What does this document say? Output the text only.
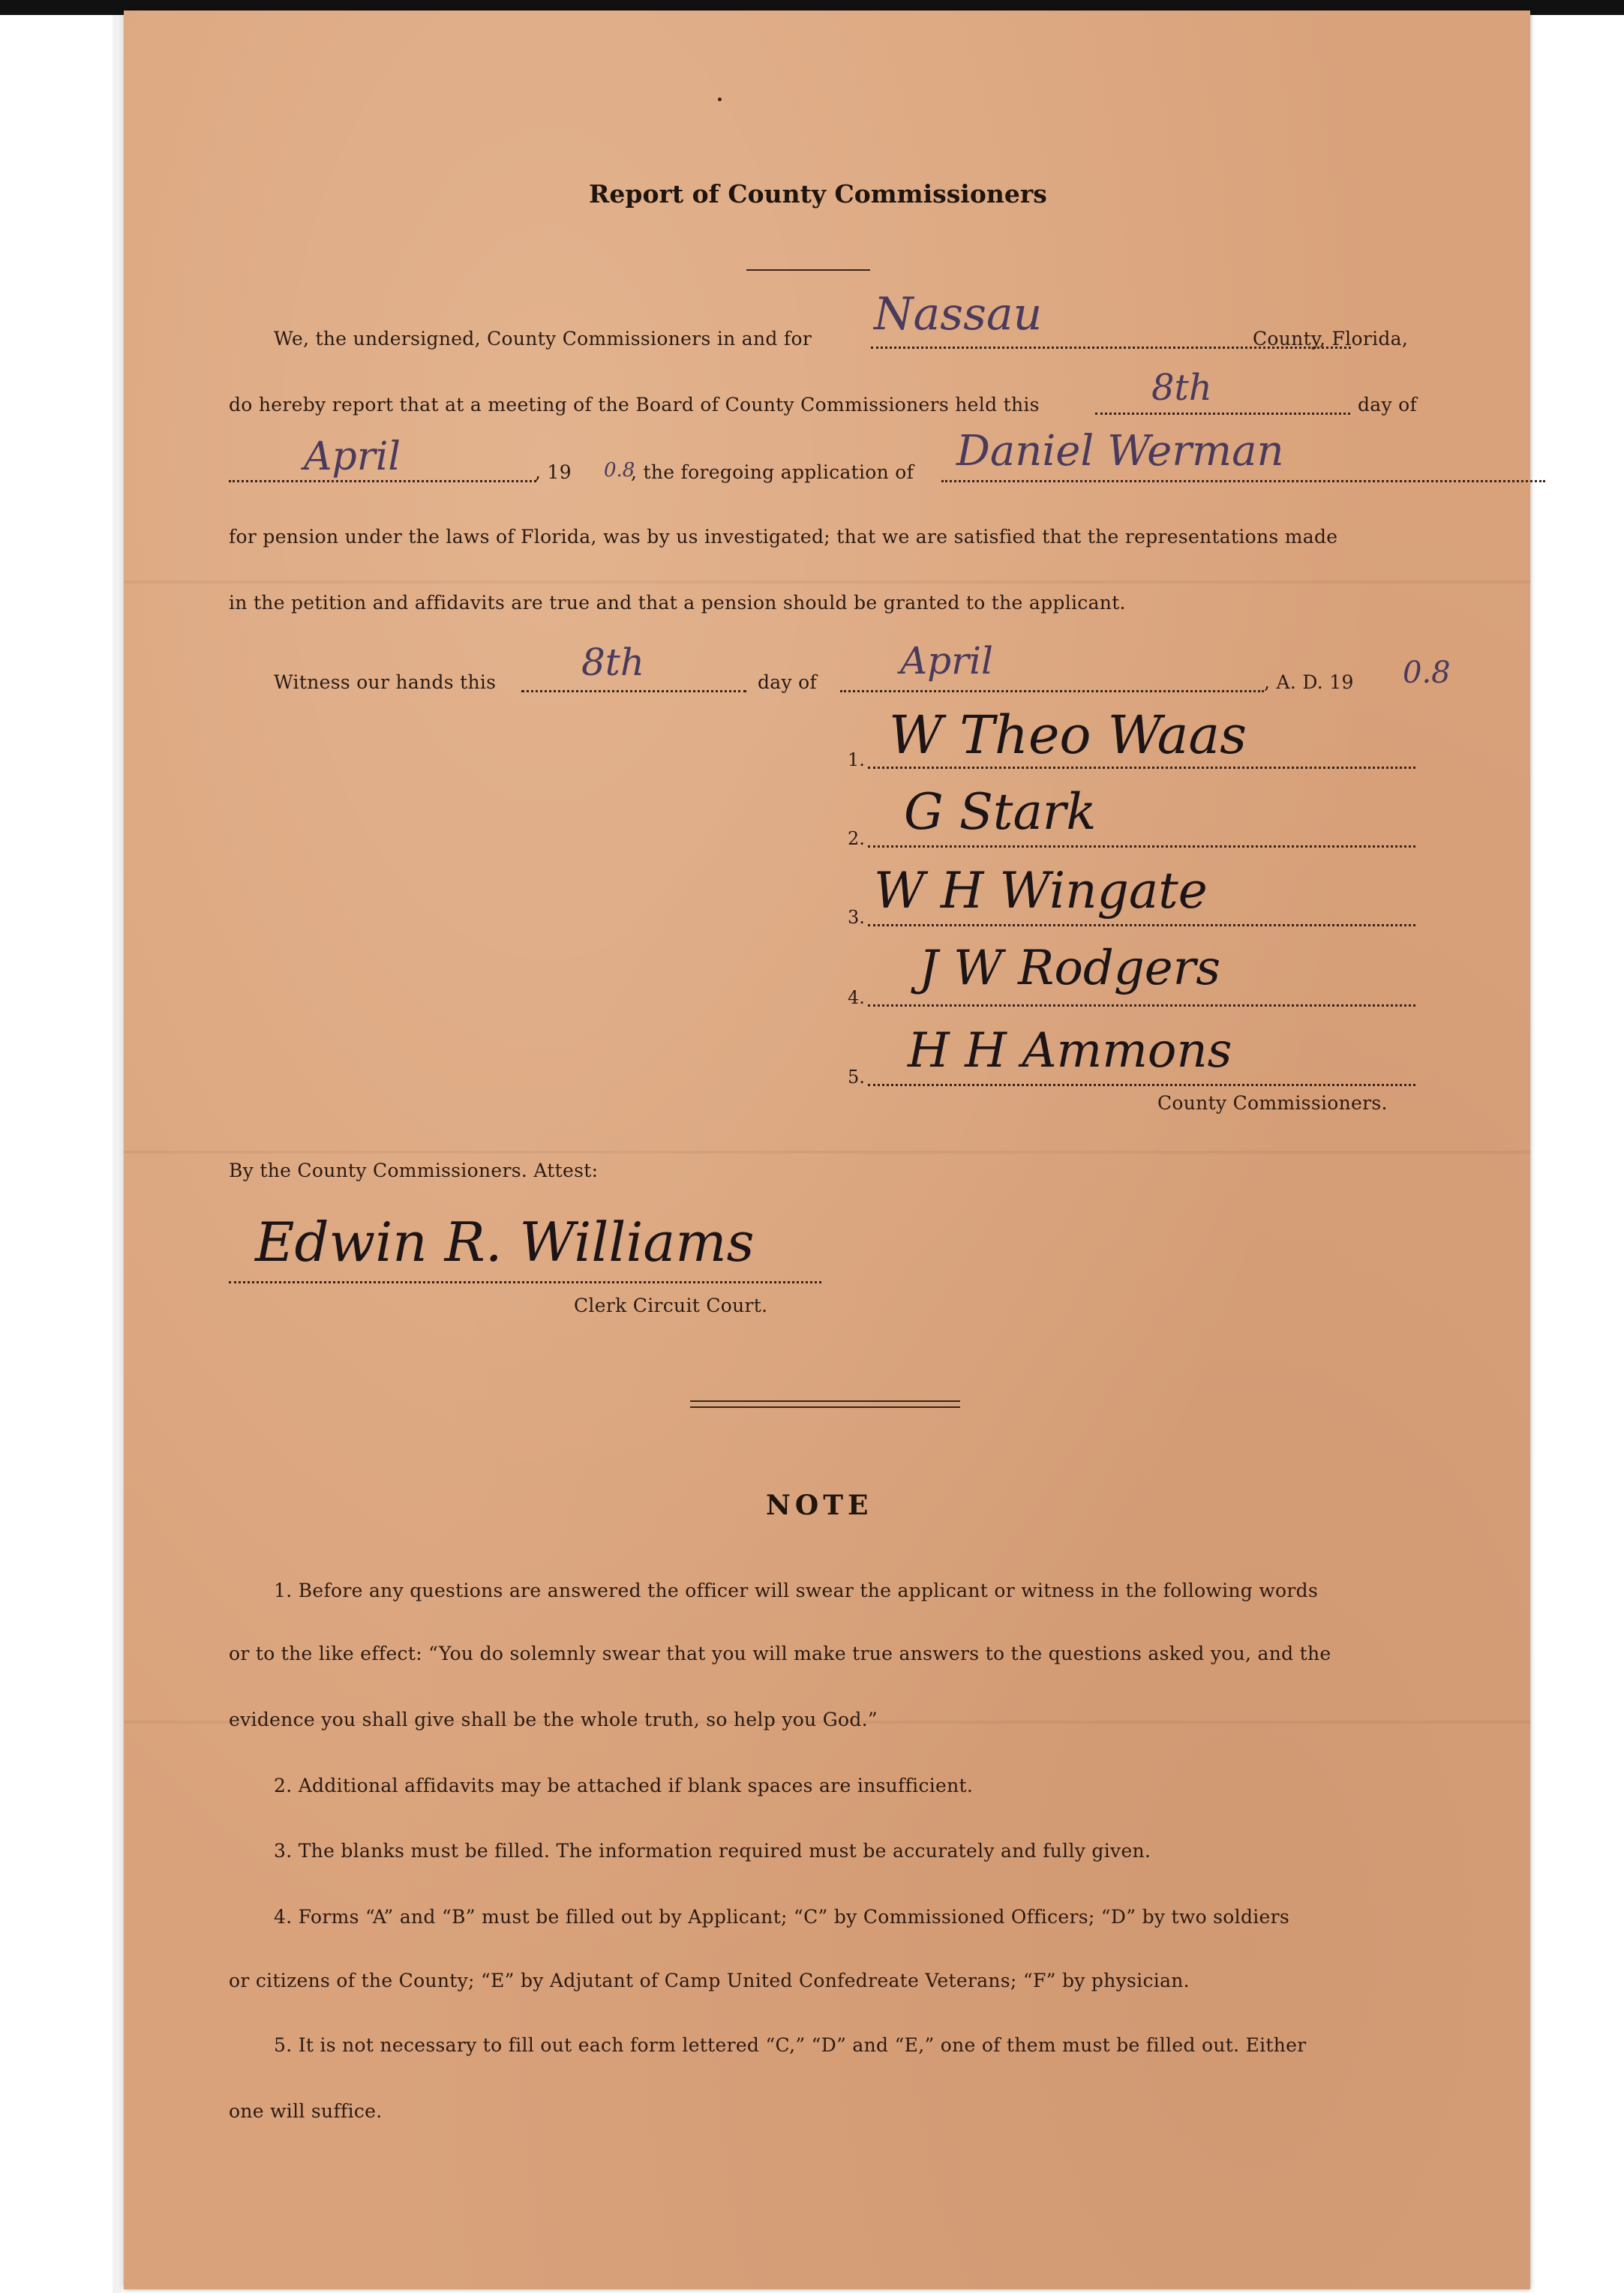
Report of County Commissioners
We, the undersigned, County Commissioners in and for Nassau	County, Florida,
do hereby report that at a meeting of the Board of County Commissioners held this	8th	day of
April	, 19 0.8
, the foregoing application of Daniel Werman
for pension under the laws of Florida, was by us investigated; that we are satisfied that the representations made
in the petition and affidavits are true and that a pension should be granted to the applicant.
Witness our hands this 8th	day of April	, A. D. 19 0.8
1. W Theo Waas
2. G Stark
3. W H Wingate
4.
J W Rodgers
5. H H Ammons
County Commissioners.
By the County Commissioners. Attest:
Edwin R. Williams
Clerk Circuit Court.
NOTE
1. Before any questions are answered the officer will swear the applicant or witness in the following words
or to the like effect: “You do solemnly swear that you will make true answers to the questions asked you, and the
evidence you shall give shall be the whole truth, so help you God.”
2. Additional affidavits may be attached if blank spaces are insufficient.
3. The blanks must be filled. The information required must be accurately and fully given.
4. Forms “A” and “B” must be filled out by Applicant; “C” by Commissioned Officers; “D” by two soldiers
or citizens of the County; “E” by Adjutant of Camp United Confedreate Veterans; “F” by physician.
5. It is not necessary to fill out each form lettered “C,” “D” and “E,” one of them must be filled out. Either
one will suffice.
